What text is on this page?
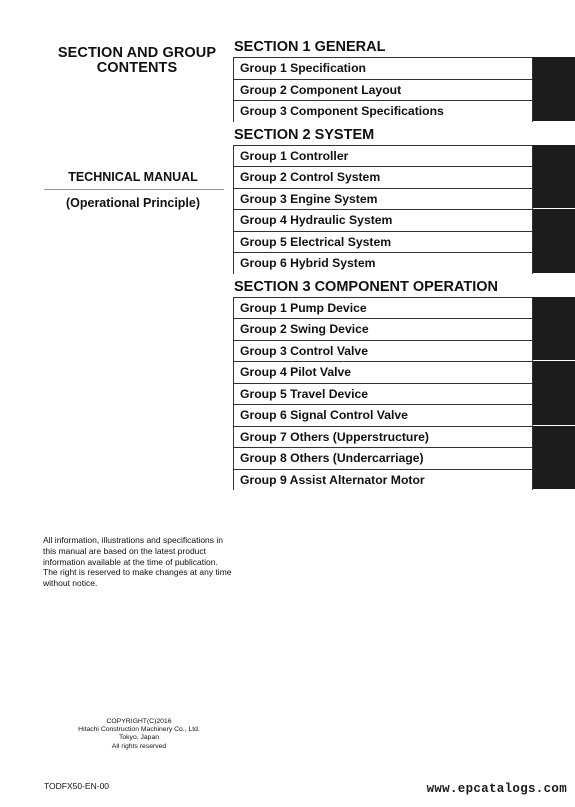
SECTION AND GROUP
CONTENTS
TECHNICAL MANUAL
(Operational Principle)
All information, illustrations and specifications in this manual are based on the latest product information available at the time of publication. The right is reserved to make changes at any time without notice.
COPYRIGHT(C)2016
Hitachi Construction Machinery Co., Ltd.
Tokyo, Japan
All rights reserved
TODFX50-EN-00
SECTION 1 GENERAL
Group 1 Specification
Group 2 Component Layout
Group 3 Component Specifications
SECTION 2 SYSTEM
Group 1 Controller
Group 2 Control System
Group 3 Engine System
Group 4 Hydraulic System
Group 5 Electrical System
Group 6 Hybrid System
SECTION 3 COMPONENT OPERATION
Group 1 Pump Device
Group 2 Swing Device
Group 3 Control Valve
Group 4 Pilot Valve
Group 5 Travel Device
Group 6 Signal Control Valve
Group 7 Others (Upperstructure)
Group 8 Others (Undercarriage)
Group 9 Assist Alternator Motor
www.epcatalogs.com
